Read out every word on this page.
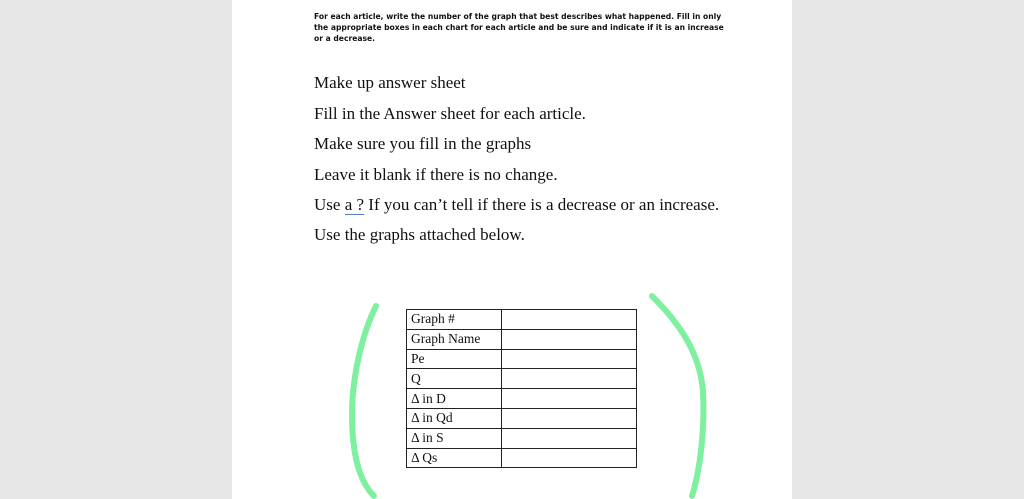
For each article, write the number of the graph that best describes what happened. Fill in only the appropriate boxes in each chart for each article and be sure and indicate if it is an increase or a decrease.

Make up answer sheet

Fill in the Answer sheet for each article.

Make sure you fill in the graphs

Leave it blank if there is no change.

Use a ? If you can’t tell if there is a decrease or an increase.

Use the graphs attached below.

Graph #	
Graph Name	
Pe	
Q	
Δ in D	
Δ in Qd	
Δ in S	
Δ Qs	
